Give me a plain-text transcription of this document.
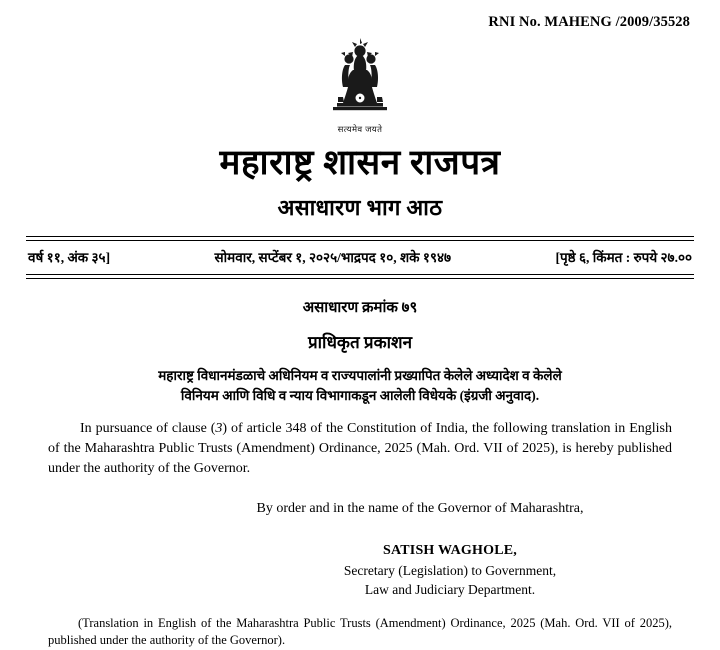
RNI No. MAHENG /2009/35528
सत्यमेव जयते
महाराष्ट्र शासन राजपत्र
असाधारण भाग आठ
वर्ष ११, अंक ३५]	सोमवार, सप्टेंबर १, २०२५/भाद्रपद १०, शके १९४७	[पृष्ठे ६, किंमत : रुपये २७.००
असाधारण क्रमांक ७९
प्राधिकृत प्रकाशन
महाराष्ट्र विधानमंडळाचे अधिनियम व राज्यपालांनी प्रख्यापित केलेले अध्यादेश व केलेले
विनियम आणि विधि व न्याय विभागाकडून आलेली विधेयके (इंग्रजी अनुवाद).
In pursuance of clause (3) of article 348 of the Constitution of India, the following translation in English of the Maharashtra Public Trusts (Amendment) Ordinance, 2025 (Mah. Ord. VII of 2025), is hereby published under the authority of the Governor.
By order and in the name of the Governor of Maharashtra,
SATISH WAGHOLE,
Secretary (Legislation) to Government,
Law and Judiciary Department.
(Translation in English of the Maharashtra Public Trusts (Amendment) Ordinance, 2025 (Mah. Ord. VII of 2025), published under the authority of the Governor).
